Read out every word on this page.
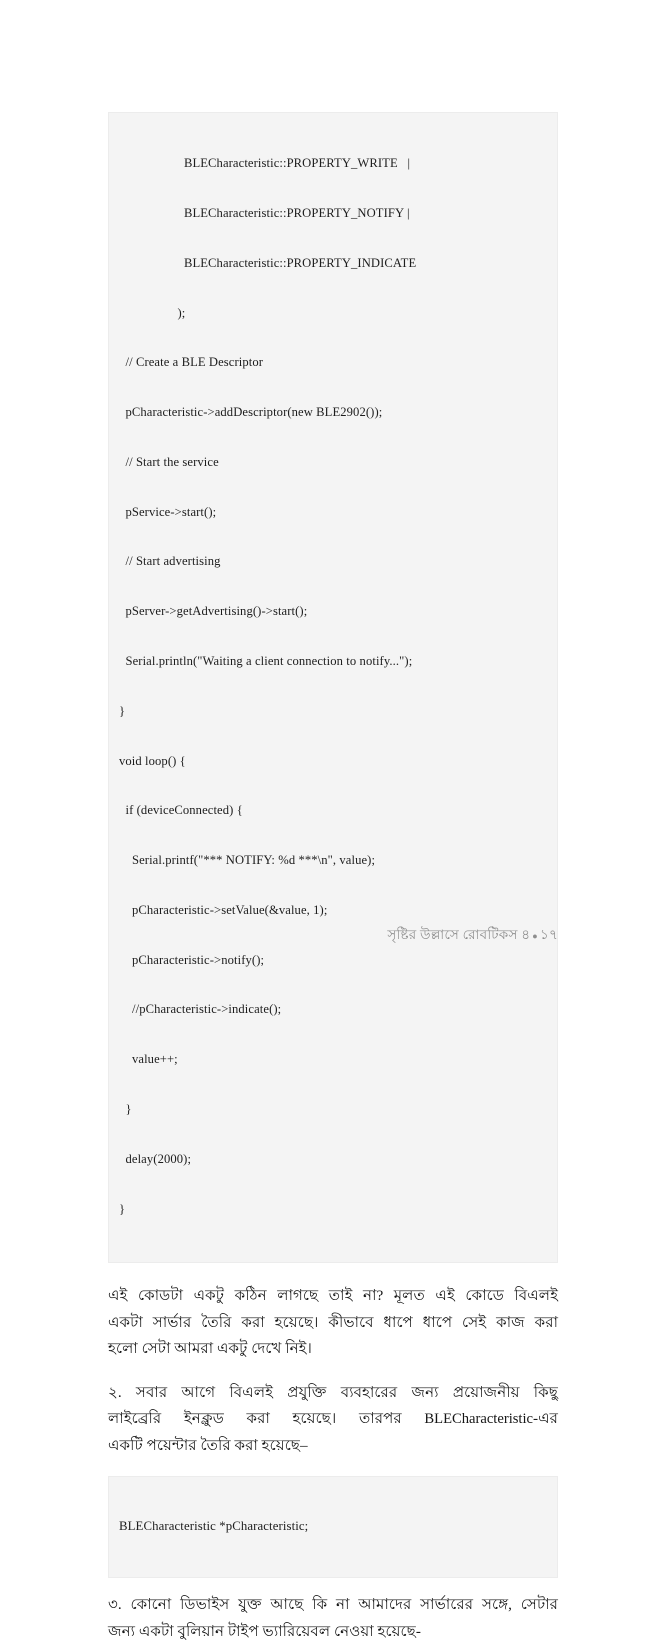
BLECharacteristic::PROPERTY_WRITE   |

BLECharacteristic::PROPERTY_NOTIFY |

BLECharacteristic::PROPERTY_INDICATE

);

// Create a BLE Descriptor

pCharacteristic->addDescriptor(new BLE2902());

// Start the service

pService->start();

// Start advertising

pServer->getAdvertising()->start();

Serial.println("Waiting a client connection to notify...");

}

void loop() {

if (deviceConnected) {

Serial.printf("*** NOTIFY: %d ***\n", value);

pCharacteristic->setValue(&value, 1);

pCharacteristic->notify();

//pCharacteristic->indicate();

value++;

}

delay(2000);

}

এই কোডটা একটু কঠিন লাগছে তাই না? মূলত এই কোডে বিএলই
একটা সার্ভার তৈরি করা হয়েছে। কীভাবে ধাপে ধাপে সেই কাজ করা
হলো সেটা আমরা একটু দেখে নিই।

২. সবার আগে বিএলই প্রযুক্তি ব্যবহারের জন্য প্রয়োজনীয় কিছু
লাইব্রেরি ইনক্লুড করা হয়েছে। তারপর BLECharacteristic-এর
একটি পয়েন্টার তৈরি করা হয়েছে–

BLECharacteristic *pCharacteristic;

৩. কোনো ডিভাইস যুক্ত আছে কি না আমাদের সার্ভারের সঙ্গে, সেটার
জন্য একটা বুলিয়ান টাইপ ভ্যারিয়েবল নেওয়া হয়েছে-

সৃষ্টির উল্লাসে রোবটিকস ৪ ● ১৭
